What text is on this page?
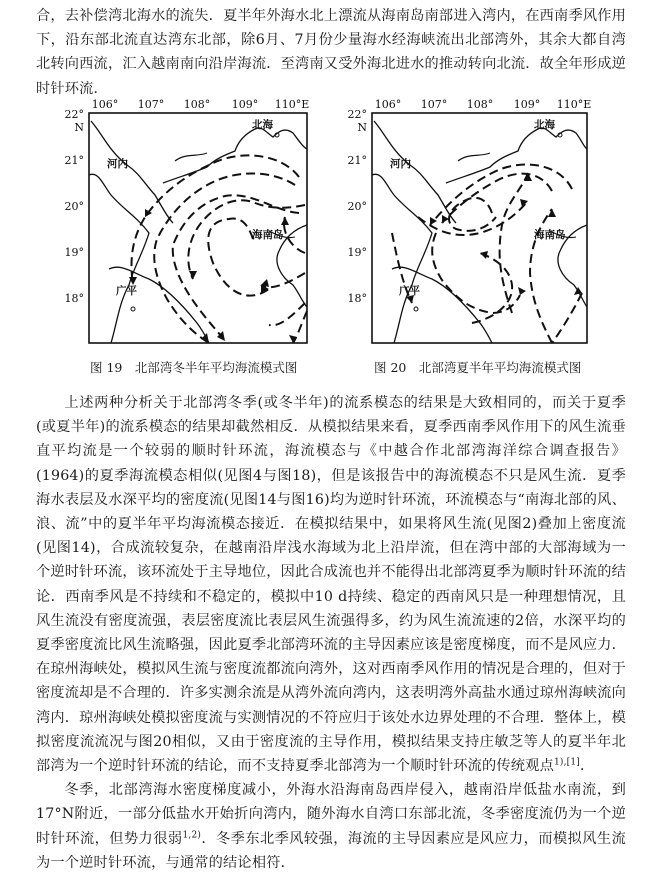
合，去补偿湾北海水的流失．夏半年外海水北上漂流从海南岛南部进入湾内，在西南季风作用下，沿东部北流直达湾东北部，除6月、7月份少量海水经海峡流出北部湾外，其余大都自湾北转向西流，汇入越南南向沿岸海流．至湾南又受外海北进水的推动转向北流．故全年形成逆时针环流．

106° 107° 108° 109° 110°E
22°
N
21°
20°
19°
18°
北海
河内
海南岛
广平
图 19　北部湾冬半年平均海流模式图
106° 107° 108° 109° 110°E
22°
N
21°
20°
19°
18°
北海
河内
海南岛
广平
图 20　北部湾夏半年平均海流模式图

上述两种分析关于北部湾冬季(或冬半年)的流系模态的结果是大致相同的，而关于夏季(或夏半年)的流系模态的结果却截然相反．从模拟结果来看，夏季西南季风作用下的风生流垂直平均流是一个较弱的顺时针环流，海流模态与《中越合作北部湾海洋综合调查报告》(1964)的夏季海流模态相似(见图4与图18)，但是该报告中的海流模态不只是风生流．夏季海水表层及水深平均的密度流(见图14与图16)均为逆时针环流，环流模态与“南海北部的风、浪、流”中的夏半年平均海流模态接近．在模拟结果中，如果将风生流(见图2)叠加上密度流(见图14)，合成流较复杂，在越南沿岸浅水海域为北上沿岸流，但在湾中部的大部海域为一个逆时针环流，该环流处于主导地位，因此合成流也并不能得出北部湾夏季为顺时针环流的结论．西南季风是不持续和不稳定的，模拟中10 d持续、稳定的西南风只是一种理想情况，且风生流没有密度流强，表层密度流比表层风生流强得多，约为风生流流速的2倍，水深平均的夏季密度流比风生流略强，因此夏季北部湾环流的主导因素应该是密度梯度，而不是风应力．在琼州海峡处，模拟风生流与密度流都流向湾外，这对西南季风作用的情况是合理的，但对于密度流却是不合理的．许多实测余流是从湾外流向湾内，这表明湾外高盐水通过琼州海峡流向湾内．琼州海峡处模拟密度流与实测情况的不符应归于该处水边界处理的不合理．整体上，模拟密度流流况与图20相似，又由于密度流的主导作用，模拟结果支持庄敏芝等人的夏半年北部湾为一个逆时针环流的结论，而不支持夏季北部湾为一个顺时针环流的传统观点$^{1),[1]}$．

冬季，北部湾海水密度梯度减小，外海水沿海南岛西岸侵入，越南沿岸低盐水南流，到17°N附近，一部分低盐水开始折向湾内，随外海水自湾口东部北流，冬季密度流仍为一个逆时针环流，但势力很弱$^{1,2)}$．冬季东北季风较强，海流的主导因素应是风应力，而模拟风生流为一个逆时针环流，与通常的结论相符．
